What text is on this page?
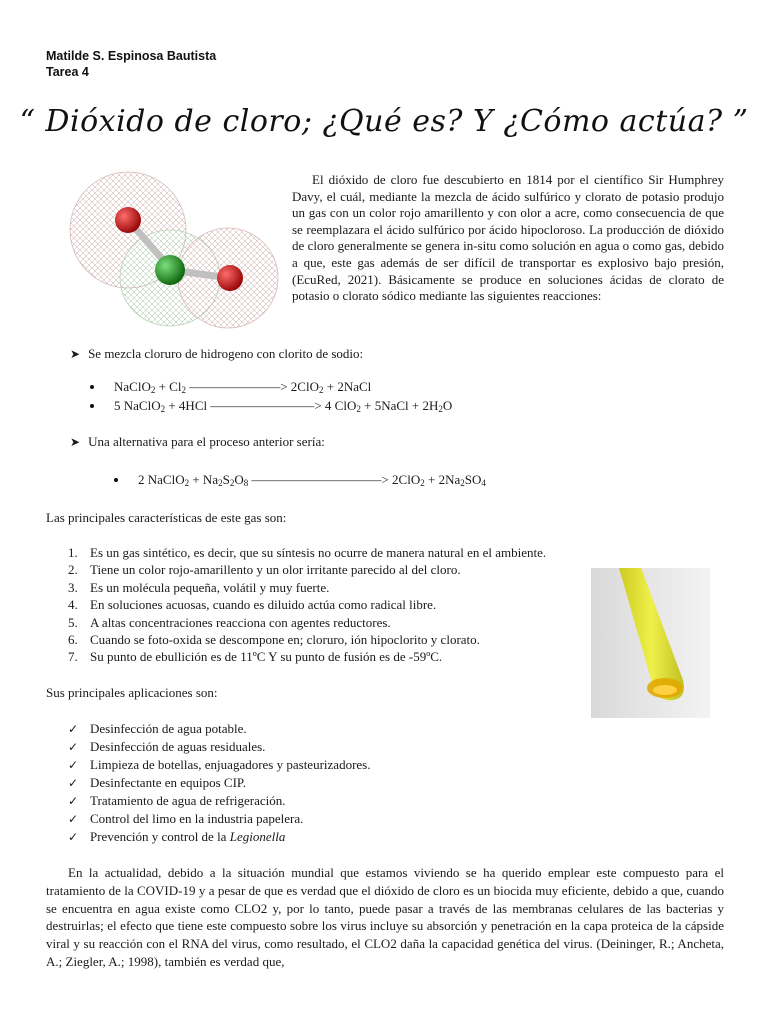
Matilde S. Espinosa Bautista
Tarea 4
“ Dióxido de cloro; ¿Qué es? Y ¿Cómo actúa? ”

El dióxido de cloro fue descubierto en 1814 por el científico Sir Humphrey Davy, el cuál, mediante la mezcla de ácido sulfúrico y clorato de potasio produjo un gas con un color rojo amarillento y con olor a acre, como consecuencia de que se reemplazara el ácido sulfúrico por ácido hipocloroso. La producción de dióxido de cloro generalmente se genera in-situ como solución en agua o como gas, debido a que, este gas además de ser difícil de transportar es explosivo bajo presión, (EcuRed, 2021). Básicamente se produce en soluciones ácidas de clorato de potasio o clorato sódico mediante las siguientes reacciones:

➤ Se mezcla cloruro de hidrogeno con clorito de sodio:
NaClO$_2$ + $Cl_2$ ———————> 2ClO$_2$ + 2NaCl
5 NaClO$_2$ + 4HCl ————————> 4 ClO$_2$ + 5NaCl + $2H_2O$
➤ Una alternativa para el proceso anterior sería:
2 NaClO$_2$ + $Na_2S_2O_8$ ——————————> $2ClO_2 + 2Na_2SO_4$
Las principales características de este gas son:
1. Es un gas sintético, es decir, que su síntesis no ocurre de manera natural en el ambiente.
2. Tiene un color rojo-amarillento y un olor irritante parecido al del cloro.
3. Es un molécula pequeña, volátil y muy fuerte.
4. En soluciones acuosas, cuando es diluido actúa como radical libre.
5. A altas concentraciones reacciona con agentes reductores.
6. Cuando se foto-oxida se descompone en; cloruro, ión hipoclorito y clorato.
7. Su punto de ebullición es de 11ºC Y su punto de fusión es de -59ºC.
Sus principales aplicaciones son:
✓ Desinfección de agua potable.
✓ Desinfección de aguas residuales.
✓ Limpieza de botellas, enjuagadores y pasteurizadores.
✓ Desinfectante en equipos CIP.
✓ Tratamiento de agua de refrigeración.
✓ Control del limo en la industria papelera.
✓ Prevención y control de la Legionella

En la actualidad, debido a la situación mundial que estamos viviendo se ha querido emplear este compuesto para el tratamiento de la COVID-19 y a pesar de que es verdad que el dióxido de cloro es un biocida muy eficiente, debido a que, cuando se encuentra en agua existe como CLO2 y, por lo tanto, puede pasar a través de las membranas celulares de las bacterias y destruirlas; el efecto que tiene este compuesto sobre los virus incluye su absorción y penetración en la capa proteica de la cápside viral y su reacción con el RNA del virus, como resultado, el CLO2 daña la capacidad genética del virus. (Deininger, R.; Ancheta, A.; Ziegler, A.; 1998), también es verdad que,
